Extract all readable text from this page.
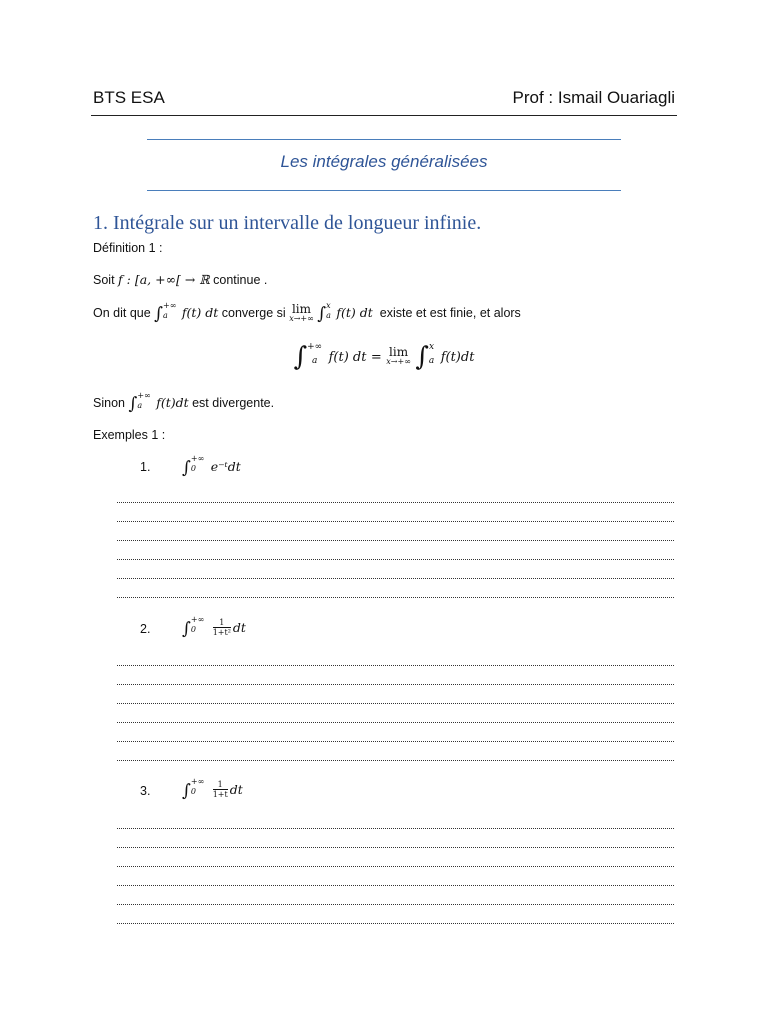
BTS ESA	Prof : Ismail Ouariagli
Les intégrales généralisées
1. Intégrale sur un intervalle de longueur infinie.
Définition 1 :
Soit f : [a, +∞[ → ℝ continue .
On dit que ∫ +∞
a	f(t) dt converge si lim
x→+∞ ∫ x
a f(t) dt existe et est finie, et alors
∫ +∞
a f(t) dt = lim
x→+∞ ∫ x
a f(t)dt
Sinon ∫ +∞
a	f(t)dt est divergente.
Exemples 1 :
1. ∫ +∞
0	e⁻ᵗdt
2. ∫ +∞
0
	$\frac{1}{\text{1+t²}}$ dt
3. ∫ +∞
0
	$\frac{1}{1+t}$ dt
